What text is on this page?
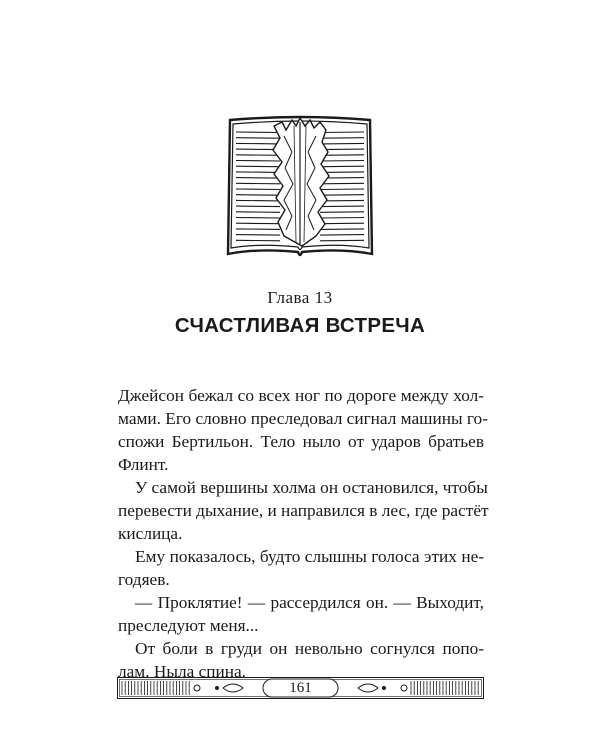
Глава 13
СЧАСТЛИВАЯ ВСТРЕЧА
Джейсон бежал со всех ног по дороге между хол-
мами. Его словно преследовал сигнал машины го-
спожи Бертильон. Тело ныло от ударов братьев
Флинт.
У самой вершины холма он остановился, чтобы
перевести дыхание, и направился в лес, где растёт
кислица.
Ему показалось, будто слышны голоса этих не-
годяев.
— Проклятие! — рассердился он. — Выходит,
преследуют меня...
От боли в груди он невольно согнулся попо-
лам. Ныла спина.
161
